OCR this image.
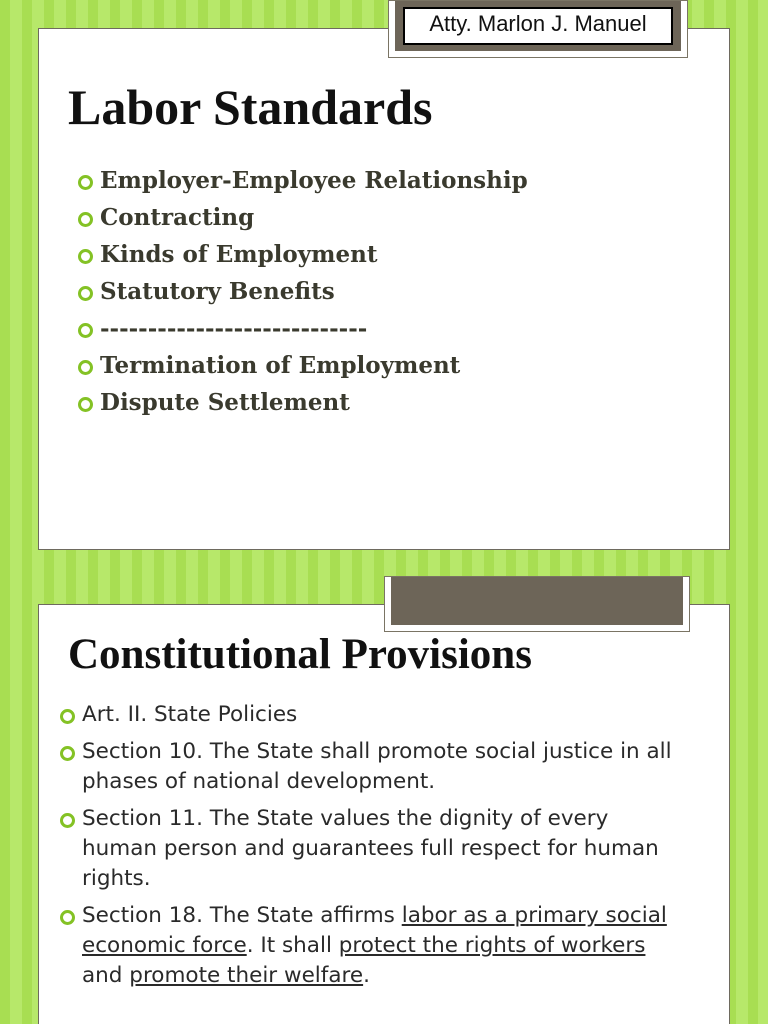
Atty. Marlon J. Manuel
Labor Standards
Employer-Employee Relationship
Contracting
Kinds of Employment
Statutory Benefits
----------------------------
Termination of Employment
Dispute Settlement
Constitutional Provisions
Art. II. State Policies
Section 10. The State shall promote social justice in all phases of national development.
Section 11. The State values the dignity of every human person and guarantees full respect for human rights.
Section 18. The State affirms labor as a primary social economic force. It shall protect the rights of workers and promote their welfare.
